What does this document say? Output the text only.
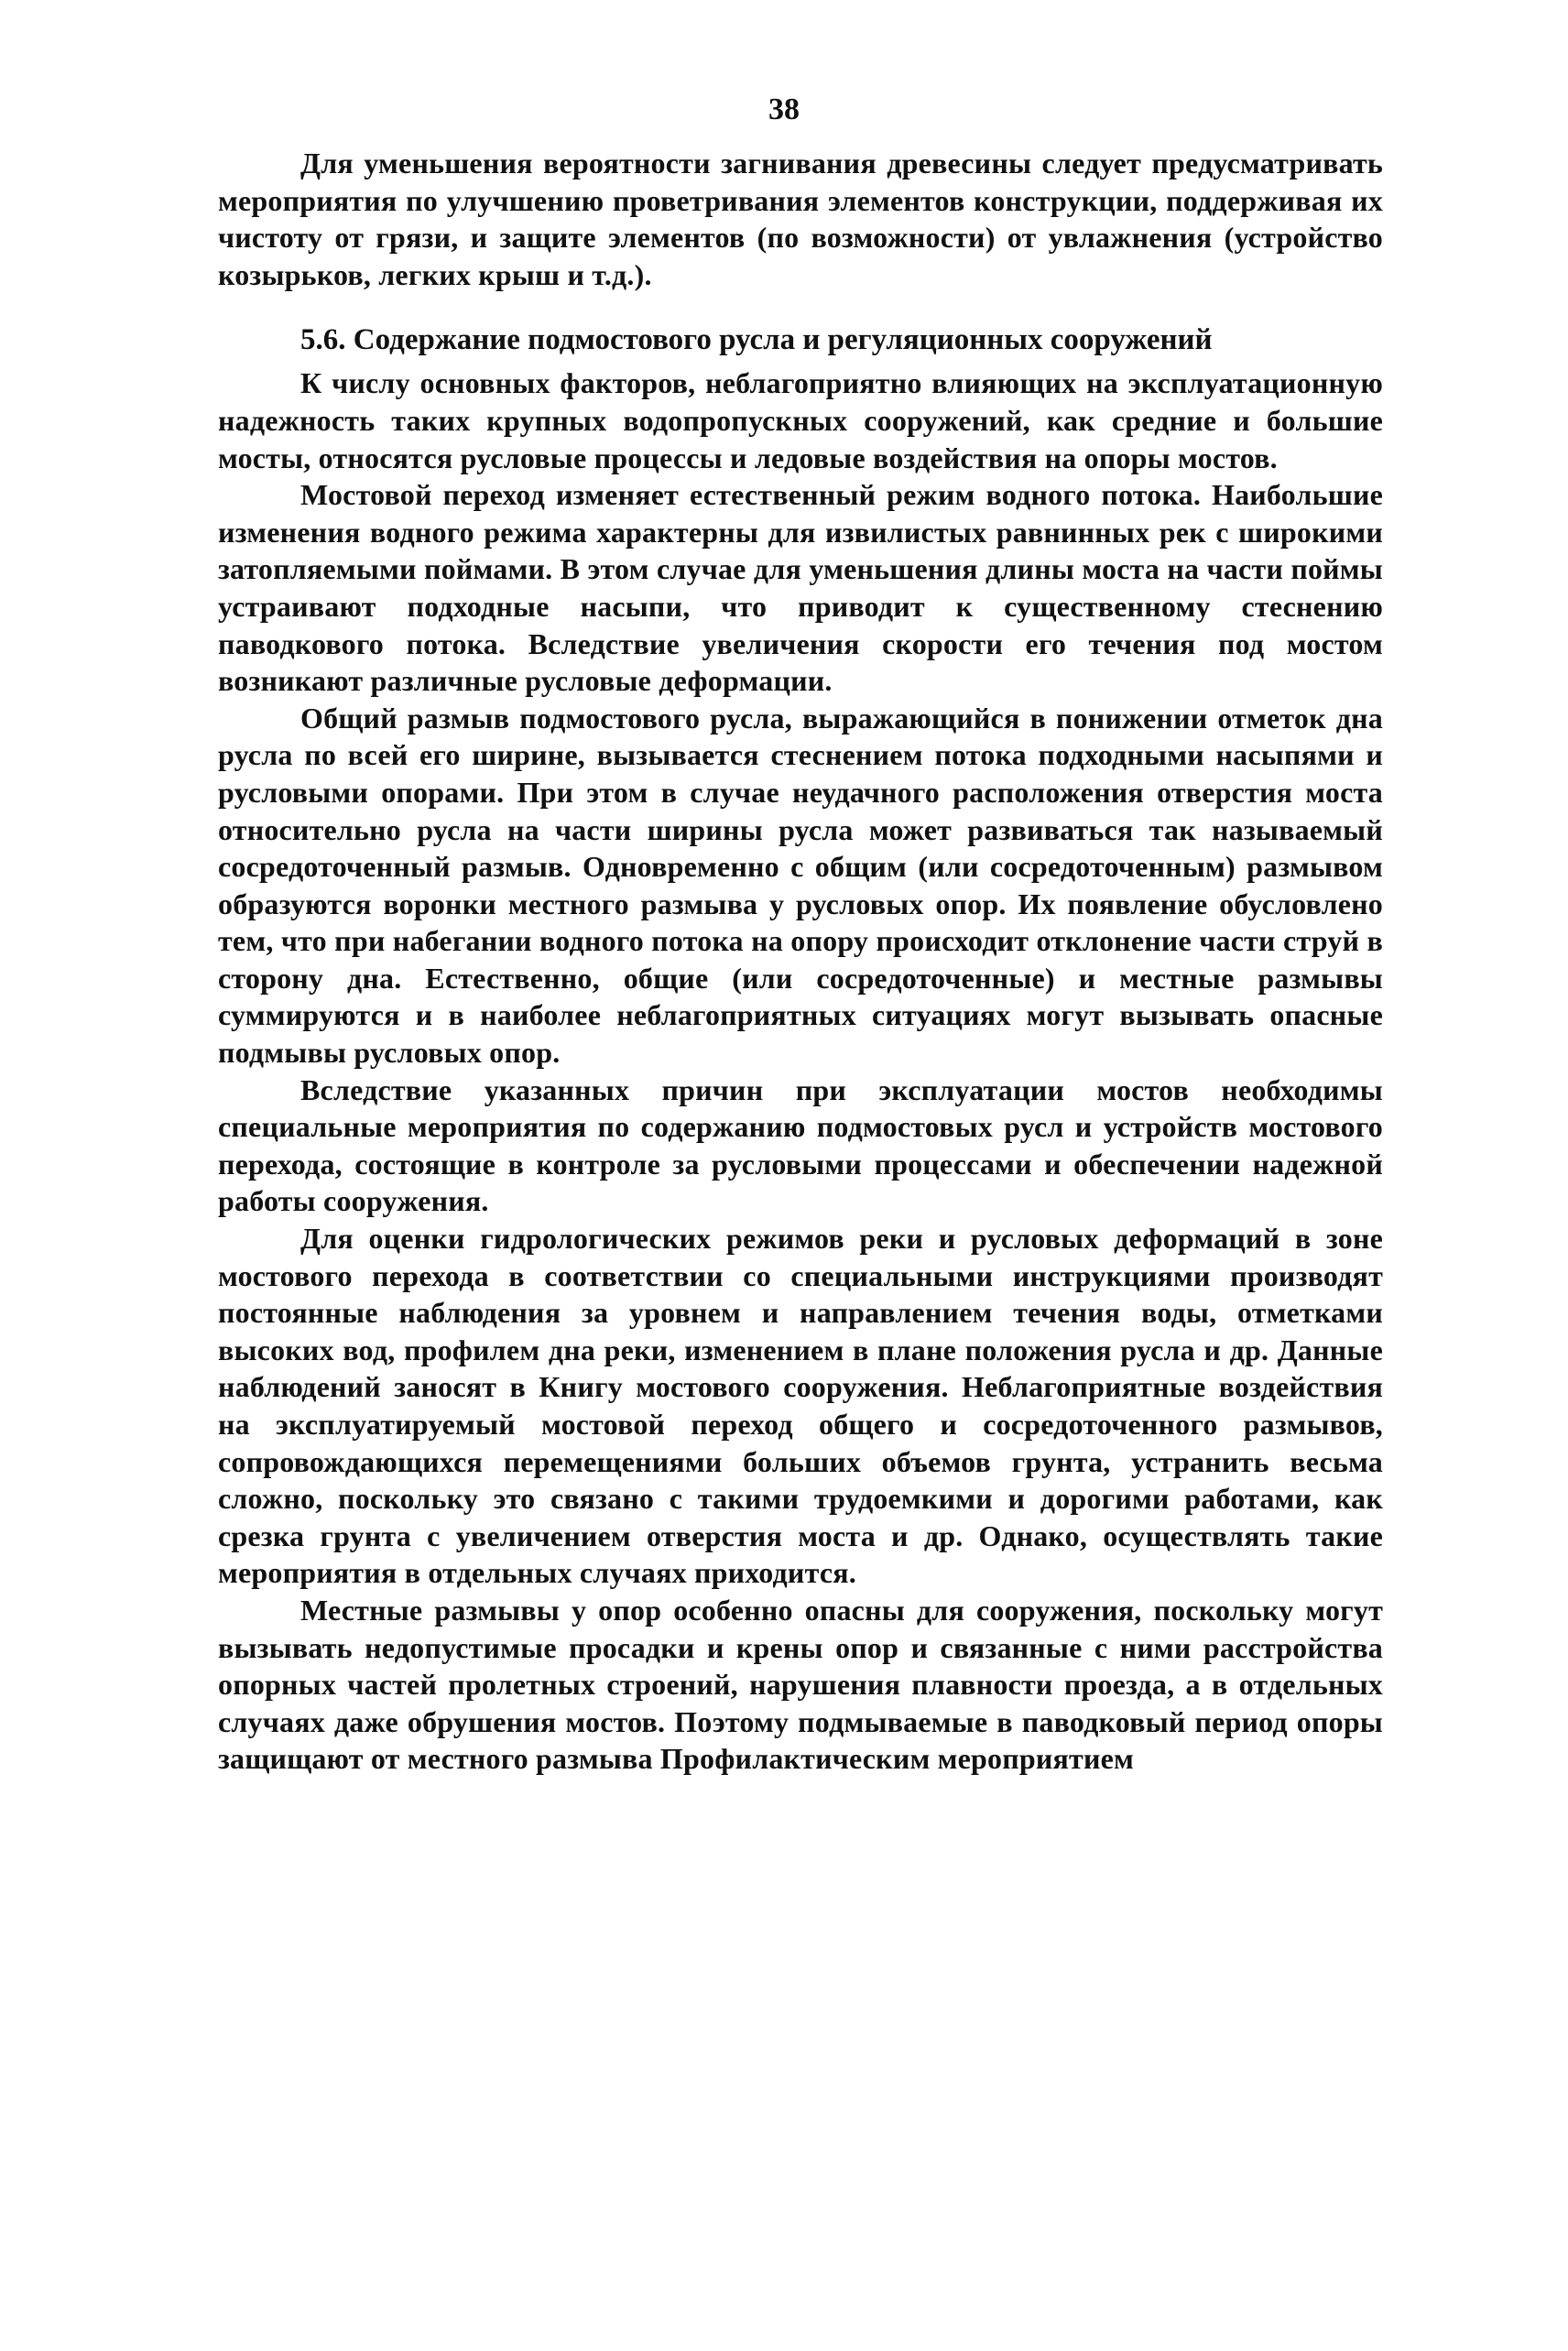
38

Для уменьшения вероятности загнивания древесины следует предусматривать мероприятия по улучшению проветривания элементов конструкции, поддерживая их чистоту от грязи, и защите элементов (по возможности) от увлажнения (устройство козырьков, легких крыш и т.д.).

5.6. Содержание подмостового русла и регуляционных сооружений

К числу основных факторов, неблагоприятно влияющих на эксплуатационную надежность таких крупных водопропускных сооружений, как средние и большие мосты, относятся русловые процессы и ледовые воздействия на опоры мостов.

Мостовой переход изменяет естественный режим водного потока. Наибольшие изменения водного режима характерны для извилистых равнинных рек с широкими затопляемыми поймами. В этом случае для уменьшения длины моста на части поймы устраивают подходные насыпи, что приводит к существенному стеснению паводкового потока. Вследствие увеличения скорости его течения под мостом возникают различные русловые деформации.

Общий размыв подмостового русла, выражающийся в понижении отметок дна русла по всей его ширине, вызывается стеснением потока подходными насыпями и русловыми опорами. При этом в случае неудачного расположения отверстия моста относительно русла на части ширины русла может развиваться так называемый сосредоточенный размыв. Одновременно с общим (или сосредоточенным) размывом образуются воронки местного размыва у русловых опор. Их появление обусловлено тем, что при набегании водного потока на опору происходит отклонение части струй в сторону дна. Естественно, общие (или сосредоточенные) и местные размывы суммируются и в наиболее неблагоприятных ситуациях могут вызывать опасные подмывы русловых опор.

Вследствие указанных причин при эксплуатации мостов необходимы специальные мероприятия по содержанию подмостовых русл и устройств мостового перехода, состоящие в контроле за русловыми процессами и обеспечении надежной работы сооружения.

Для оценки гидрологических режимов реки и русловых деформаций в зоне мостового перехода в соответствии со специальными инструкциями производят постоянные наблюдения за уровнем и направлением течения воды, отметками высоких вод, профилем дна реки, изменением в плане положения русла и др. Данные наблюдений заносят в Книгу мостового сооружения. Неблагоприятные воздействия на эксплуатируемый мостовой переход общего и сосредоточенного размывов, сопровождающихся перемещениями больших объемов грунта, устранить весьма сложно, поскольку это связано с такими трудоемкими и дорогими работами, как срезка грунта с увеличением отверстия моста и др. Однако, осуществлять такие мероприятия в отдельных случаях приходится.

Местные размывы у опор особенно опасны для сооружения, поскольку могут вызывать недопустимые просадки и крены опор и связанные с ними расстройства опорных частей пролетных строений, нарушения плавности проезда, а в отдельных случаях даже обрушения мостов. Поэтому подмываемые в паводковый период опоры защищают от местного размыва Профилактическим мероприятием
